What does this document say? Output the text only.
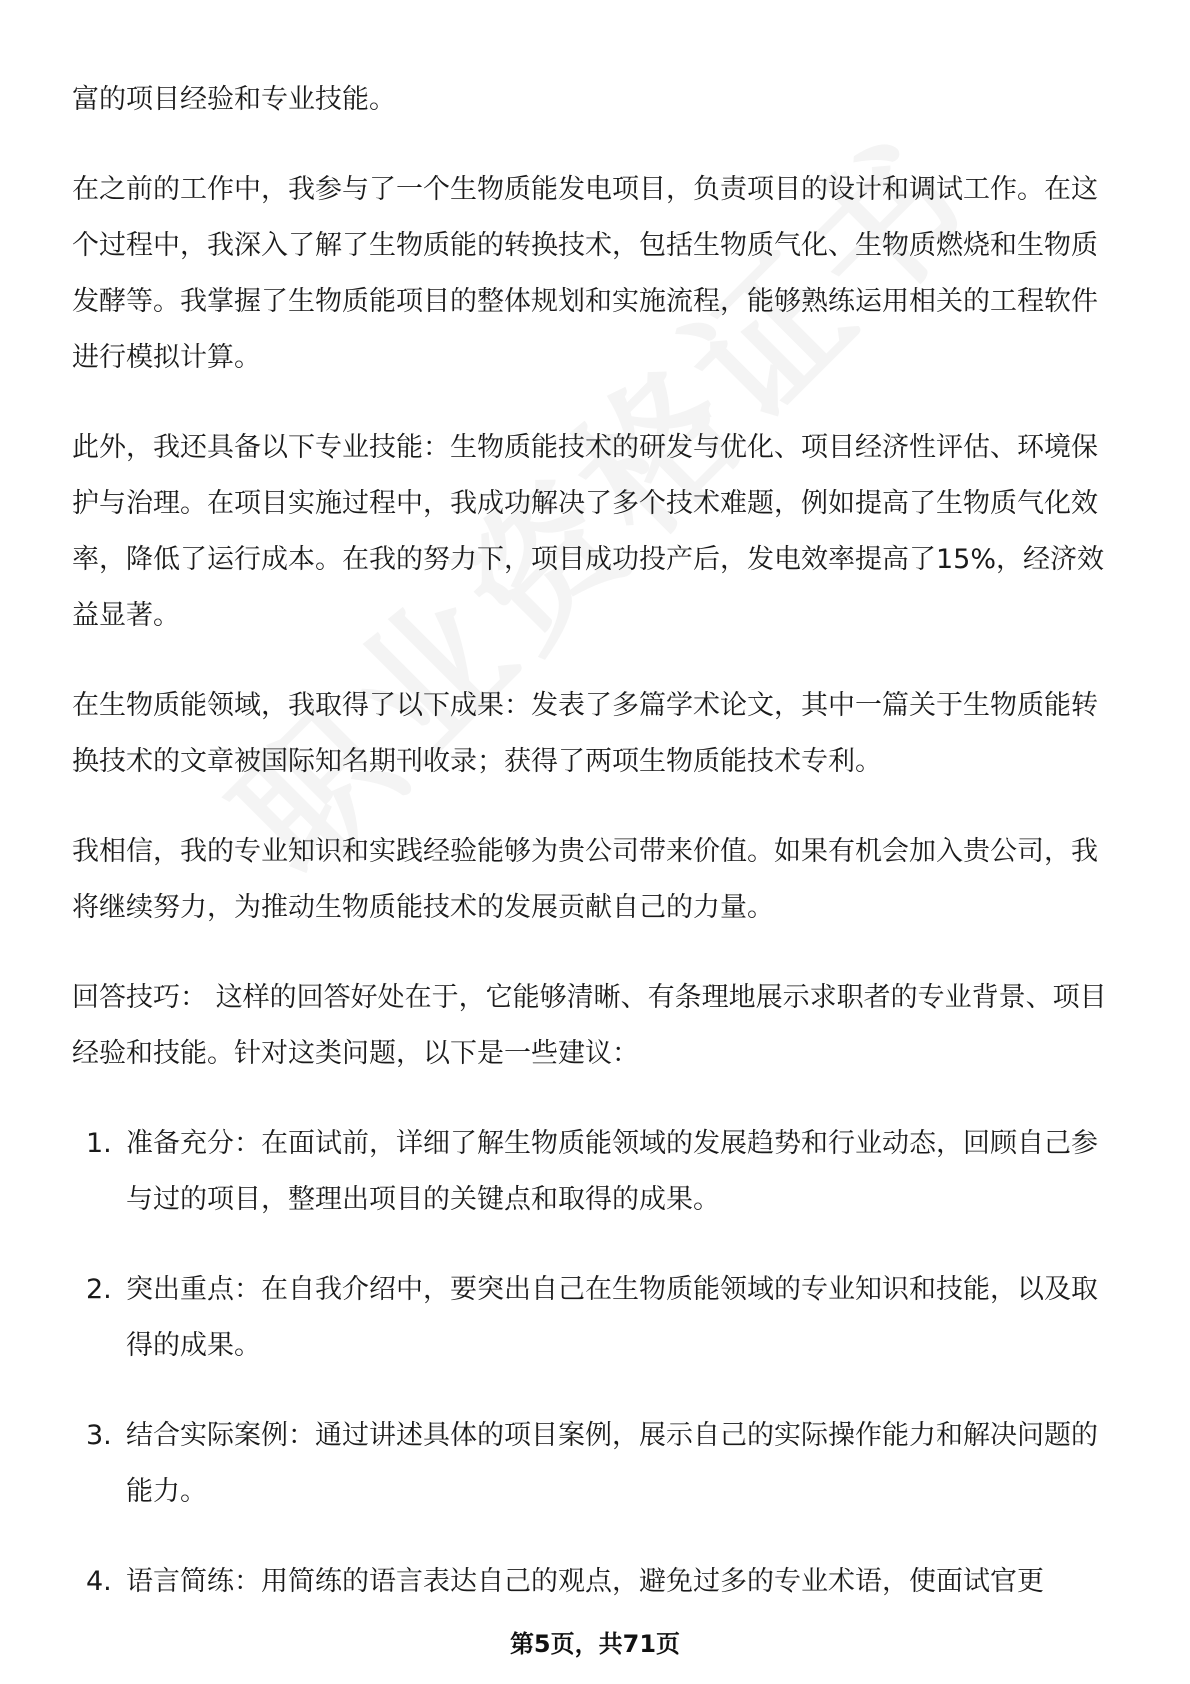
富的项目经验和专业技能。

在之前的工作中，我参与了一个生物质能发电项目，负责项目的设计和调试工作。在这个过程中，我深入了解了生物质能的转换技术，包括生物质气化、生物质燃烧和生物质发酵等。我掌握了生物质能项目的整体规划和实施流程，能够熟练运用相关的工程软件进行模拟计算。

此外，我还具备以下专业技能：生物质能技术的研发与优化、项目经济性评估、环境保护与治理。在项目实施过程中，我成功解决了多个技术难题，例如提高了生物质气化效率，降低了运行成本。在我的努力下，项目成功投产后，发电效率提高了15%，经济效益显著。

在生物质能领域，我取得了以下成果：发表了多篇学术论文，其中一篇关于生物质能转换技术的文章被国际知名期刊收录；获得了两项生物质能技术专利。

我相信，我的专业知识和实践经验能够为贵公司带来价值。如果有机会加入贵公司，我将继续努力，为推动生物质能技术的发展贡献自己的力量。

回答技巧： 这样的回答好处在于，它能够清晰、有条理地展示求职者的专业背景、项目经验和技能。针对这类问题，以下是一些建议：

1. 准备充分：在面试前，详细了解生物质能领域的发展趋势和行业动态，回顾自己参与过的项目，整理出项目的关键点和取得的成果。
2. 突出重点：在自我介绍中，要突出自己在生物质能领域的专业知识和技能，以及取得的成果。
3. 结合实际案例：通过讲述具体的项目案例，展示自己的实际操作能力和解决问题的能力。
4. 语言简练：用简练的语言表达自己的观点，避免过多的专业术语，使面试官更
第5页，共71页
